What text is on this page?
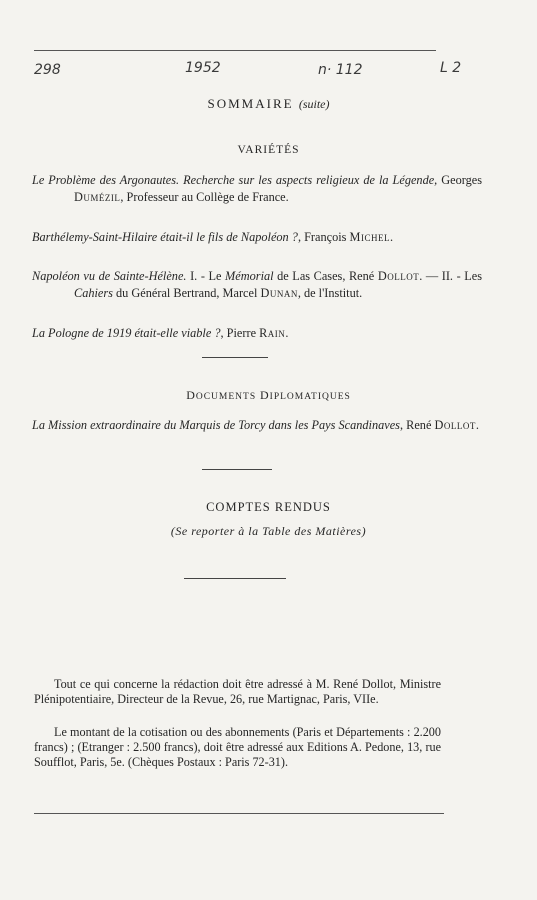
298	1952	n· 112	L 2
SOMMAIRE (suite)
VARIÉTÉS
Le Problème des Argonautes. Recherche sur les aspects religieux de la Légende, Georges Dumézil, Professeur au Collège de France.
Barthélemy-Saint-Hilaire était-il le fils de Napoléon ?, François Michel.
Napoléon vu de Sainte-Hélène. I. - Le Mémorial de Las Cases, René Dollot. — II. - Les Cahiers du Général Bertrand, Marcel Dunan, de l'Institut.
La Pologne de 1919 était-elle viable ?, Pierre Rain.
DOCUMENTS DIPLOMATIQUES
La Mission extraordinaire du Marquis de Torcy dans les Pays Scandinaves, René Dollot.
COMPTES RENDUS
(Se reporter à la Table des Matières)
Tout ce qui concerne la rédaction doit être adressé à M. René Dollot, Ministre Plénipotentiaire, Directeur de la Revue, 26, rue Martignac, Paris, VIIe.
Le montant de la cotisation ou des abonnements (Paris et Départements : 2.200 francs) ; (Etranger : 2.500 francs), doit être adressé aux Editions A. Pedone, 13, rue Soufflot, Paris, 5e. (Chèques Postaux : Paris 72-31).
